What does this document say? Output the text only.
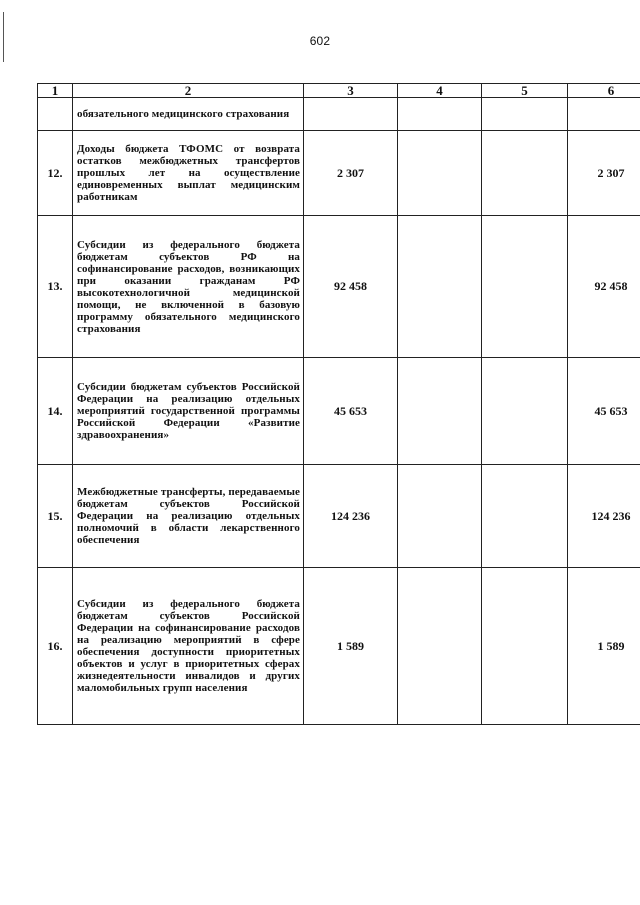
602
1	2	3	4	5	6
	обязательного медицинского страхования				
12.	Доходы бюджета ТФОМС от возврата остатков межбюджетных трансфертов прошлых лет на осуществление единовременных выплат медицинским работникам	2 307			2 307
13.	Субсидии из федерального бюджета бюджетам субъектов РФ на софинансирование расходов, возникающих при оказании гражданам РФ высокотехнологичной медицинской помощи, не включенной в базовую программу обязательного медицинского страхования	92 458			92 458
14.	Субсидии бюджетам субъектов Российской Федерации на реализацию отдельных мероприятий государственной программы Российской Федерации «Развитие здравоохранения»	45 653			45 653
15.	Межбюджетные трансферты, передаваемые бюджетам субъектов Российской Федерации на реализацию отдельных полномочий в области лекарственного обеспечения	124 236			124 236
16.	Субсидии из федерального бюджета бюджетам субъектов Российской Федерации на софинансирование расходов на реализацию мероприятий в сфере обеспечения доступности приоритетных объектов и услуг в приоритетных сферах жизнедеятельности инвалидов и других маломобильных групп населения	1 589			1 589
